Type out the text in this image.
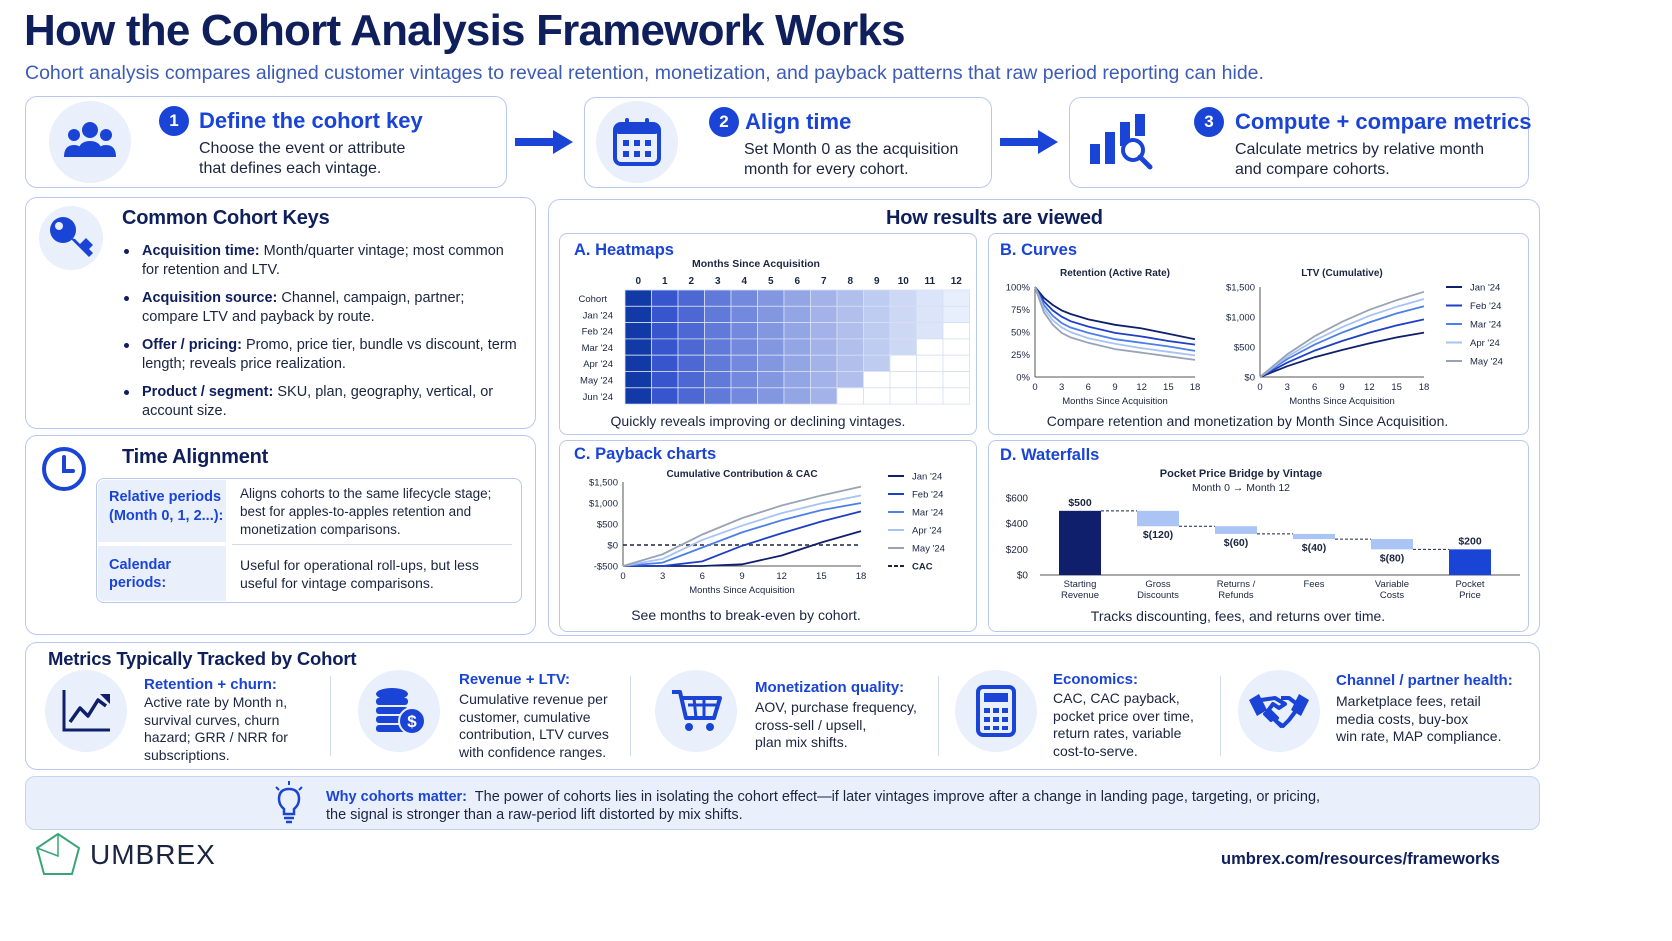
How the Cohort Analysis Framework Works
Cohort analysis compares aligned customer vintages to reveal retention, monetization, and payback patterns that raw period reporting can hide.
1 Define the cohort key
Choose the event or attribute
that defines each vintage.
2 Align time
Set Month 0 as the acquisition
month for every cohort.
3 Compute + compare metrics
Calculate metrics by relative month
and compare cohorts.
Common Cohort Keys
Acquisition time: Month/quarter vintage; most common for retention and LTV.
Acquisition source: Channel, campaign, partner; compare LTV and payback by route.
Offer / pricing: Promo, price tier, bundle vs discount, term length; reveals price realization.
Product / segment: SKU, plan, geography, vertical, or account size.
Time Alignment
Relative periods
(Month 0, 1, 2...):
Aligns cohorts to the same lifecycle stage; best for apples-to-apples retention and monetization comparisons.
Calendar
periods:
Useful for operational roll-ups, but less useful for vintage comparisons.
How results are viewed
A. Heatmaps
Months Since Acquisition
0 1 2 3 4 5 6 7 8 9 10 11 12
Cohort
Jan '24
Feb '24
Mar '24
Apr '24
May '24
Jun '24
Quickly reveals improving or declining vintages.
B. Curves
Retention (Active Rate)
0%
25%
50%
75%
100%
0 3 6 9 12 15 18
Months Since Acquisition
LTV (Cumulative)
$0
$500
$1,000
$1,500
0 3 6 9 12 15 18
Months Since Acquisition
Jan '24
Feb '24
Mar '24
Apr '24
May '24
Compare retention and monetization by Month Since Acquisition.
C. Payback charts
Cumulative Contribution & CAC
-$500
$0
$500
$1,000
$1,500
0	3	6	9	12	15	18
Months Since Acquisition
Jan '24
Feb '24
Mar '24
Apr '24
May '24
CAC
See months to break-even by cohort.
D. Waterfalls
Pocket Price Bridge by Vintage
Month 0 → Month 12
$0
$200
$400
$600	$500
Starting
Revenue
$(120)
Gross
Discounts
$(60)
Returns /
Refunds
$(40)
Fees
$(80)
Variable
Costs
$200
Pocket
Price
Tracks discounting, fees, and returns over time.
Metrics Typically Tracked by Cohort
Retention + churn:
Active rate by Month n,
survival curves, churn
hazard; GRR / NRR for
subscriptions.
$
Revenue + LTV:
Cumulative revenue per
customer, cumulative
contribution, LTV curves
with confidence ranges.
Monetization quality:
AOV, purchase frequency,
cross-sell / upsell,
plan mix shifts.
Economics:
CAC, CAC payback,
pocket price over time,
return rates, variable
cost-to-serve.
Channel / partner health:
Marketplace fees, retail
media costs, buy-box
win rate, MAP compliance.
Why cohorts matter: The power of cohorts lies in isolating the cohort effect—if later vintages improve after a change in landing page, targeting, or pricing,
the signal is stronger than a raw-period lift distorted by mix shifts.
UMBREX	umbrex.com/resources/frameworks
